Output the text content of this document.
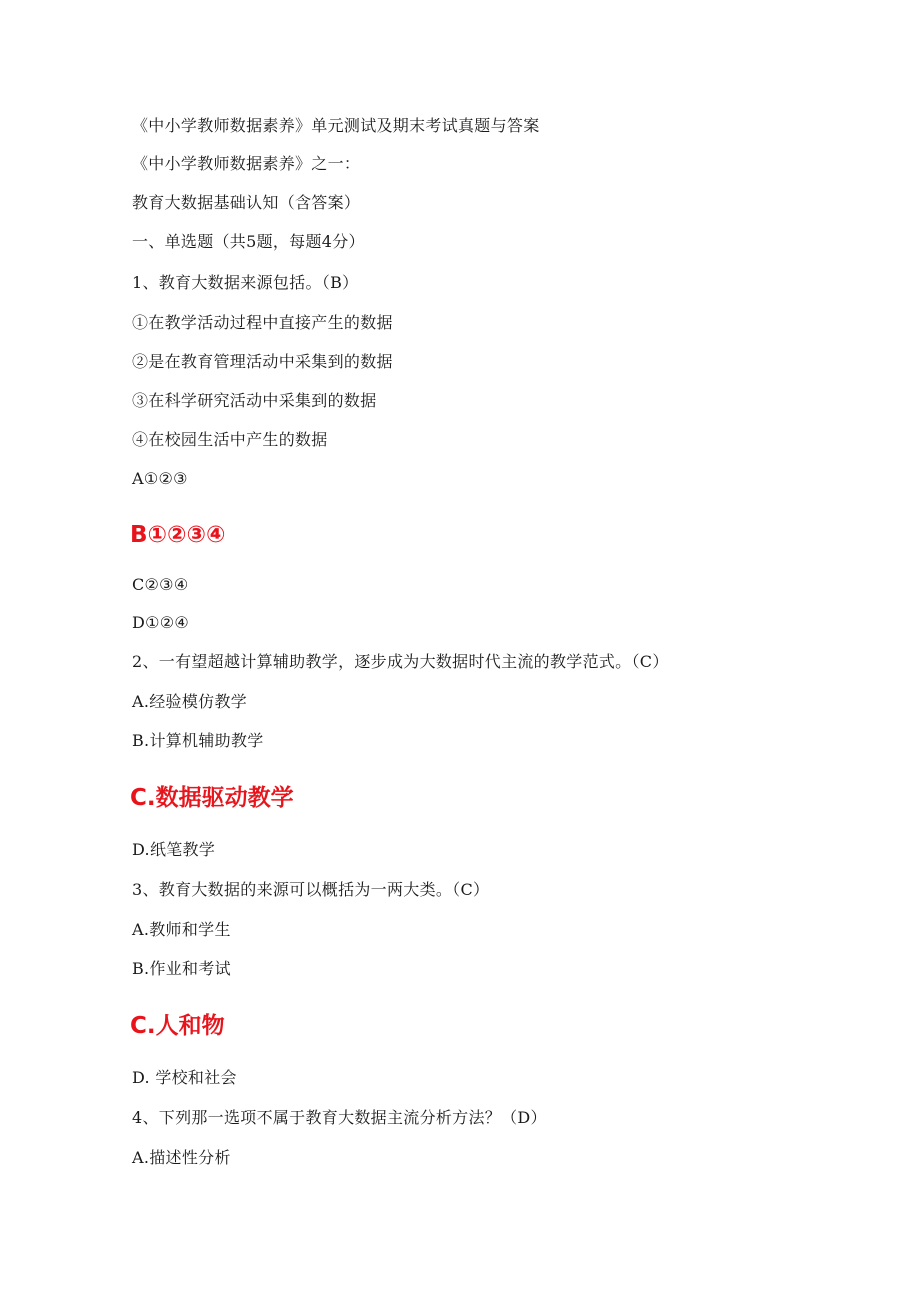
《中小学教师数据素养》单元测试及期末考试真题与答案
《中小学教师数据素养》之一：
教育大数据基础认知（含答案）
一、单选题（共5题，每题4分）
1、教育大数据来源包括。（B）
①在教学活动过程中直接产生的数据
②是在教育管理活动中采集到的数据
③在科学研究活动中采集到的数据
④在校园生活中产生的数据
A①②③
B①②③④
C②③④
D①②④
2、一有望超越计算辅助教学，逐步成为大数据时代主流的教学范式。（C）
A.经验模仿教学
B.计算机辅助教学
C.数据驱动教学
D.纸笔教学
3、教育大数据的来源可以概括为一两大类。（C）
A.教师和学生
B.作业和考试
C.人和物
D. 学校和社会
4、下列那一选项不属于教育大数据主流分析方法？（D）
A.描述性分析
